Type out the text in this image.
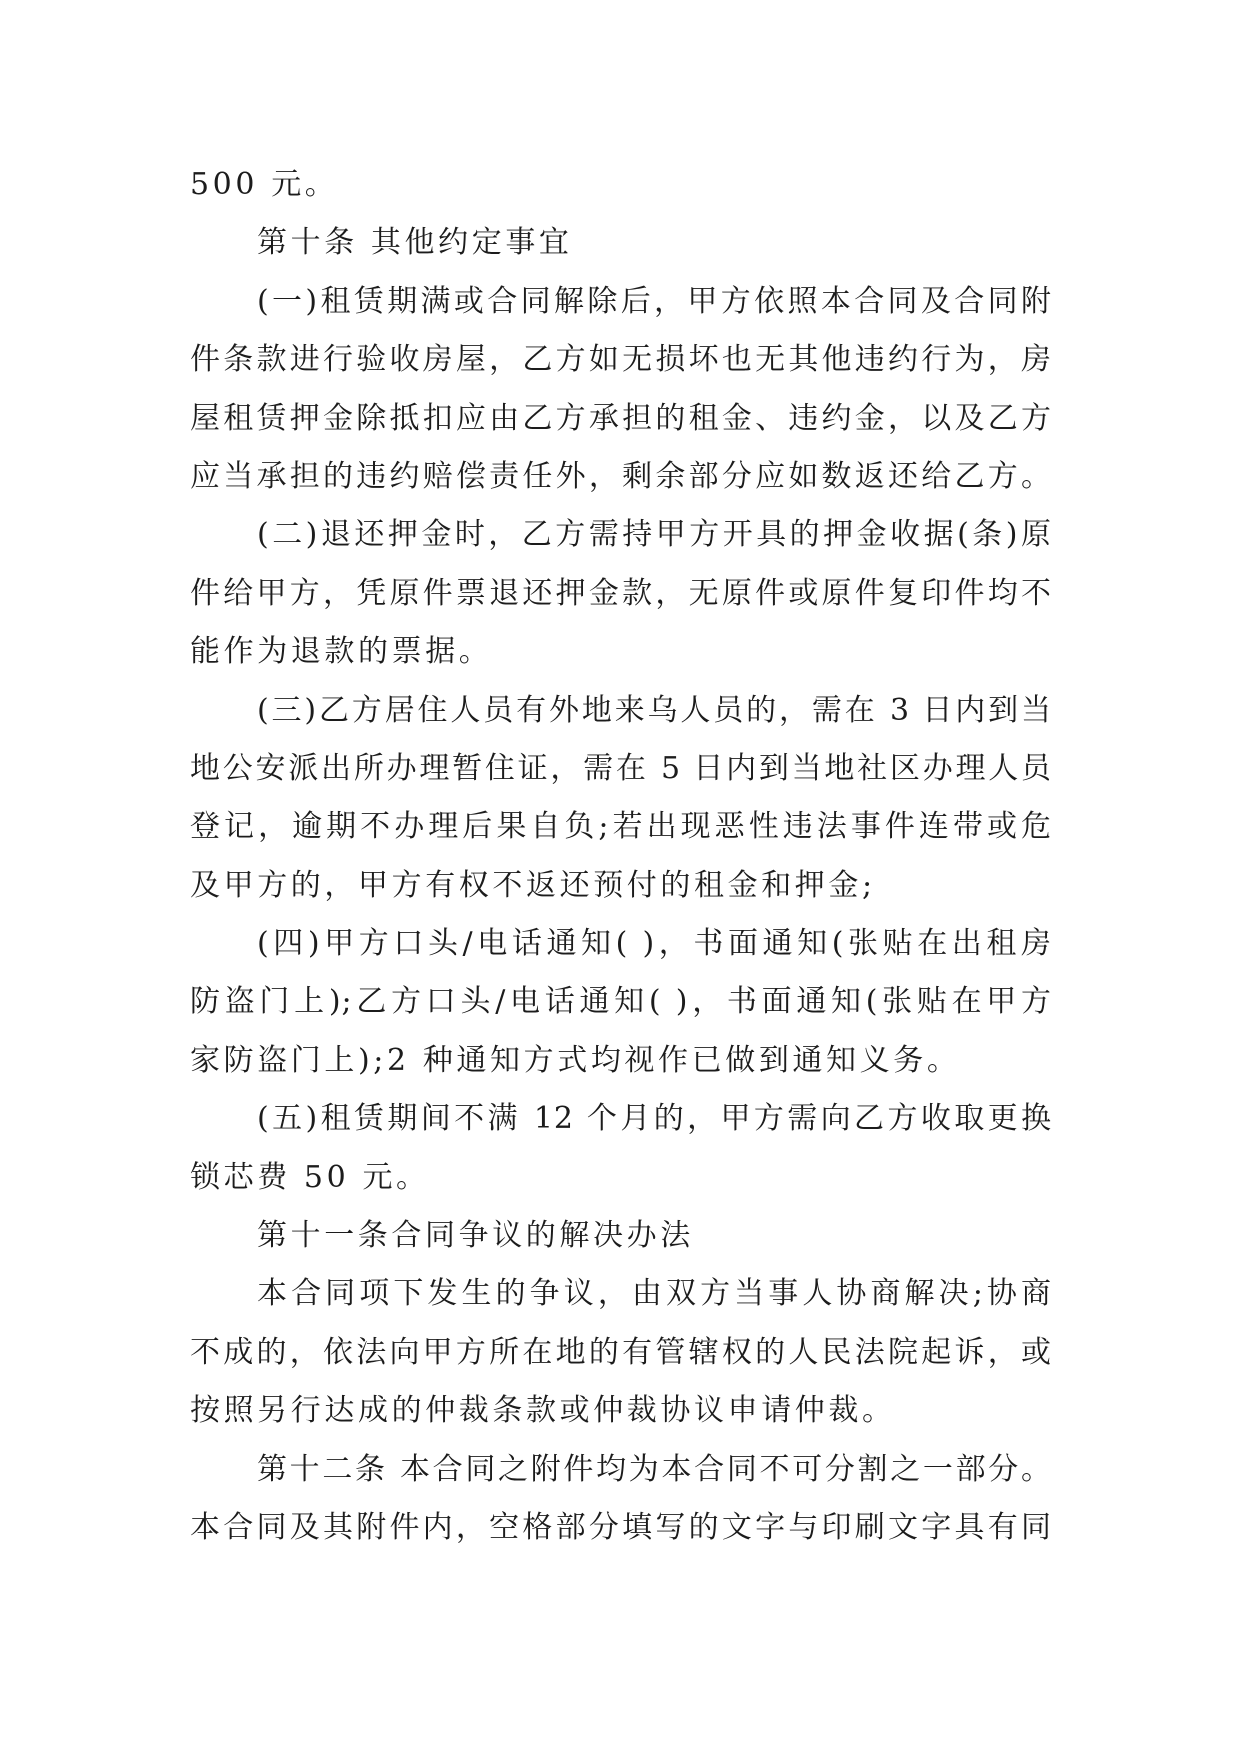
500 元。
第十条 其他约定事宜
(一)租赁期满或合同解除后，甲方依照本合同及合同附
件条款进行验收房屋，乙方如无损坏也无其他违约行为，房
屋租赁押金除抵扣应由乙方承担的租金、违约金，以及乙方
应当承担的违约赔偿责任外，剩余部分应如数返还给乙方。
(二)退还押金时，乙方需持甲方开具的押金收据(条)原
件给甲方，凭原件票退还押金款，无原件或原件复印件均不
能作为退款的票据。
(三)乙方居住人员有外地来乌人员的，需在 3 日内到当
地公安派出所办理暂住证，需在 5 日内到当地社区办理人员
登记，逾期不办理后果自负;若出现恶性违法事件连带或危
及甲方的，甲方有权不返还预付的租金和押金;
(四)甲方口头/电话通知( )，书面通知(张贴在出租房
防盗门上);乙方口头/电话通知( )，书面通知(张贴在甲方
家防盗门上);2 种通知方式均视作已做到通知义务。
(五)租赁期间不满 12 个月的，甲方需向乙方收取更换
锁芯费 50 元。
第十一条合同争议的解决办法
本合同项下发生的争议，由双方当事人协商解决;协商
不成的，依法向甲方所在地的有管辖权的人民法院起诉，或
按照另行达成的仲裁条款或仲裁协议申请仲裁。
第十二条 本合同之附件均为本合同不可分割之一部分。
本合同及其附件内，空格部分填写的文字与印刷文字具有同
